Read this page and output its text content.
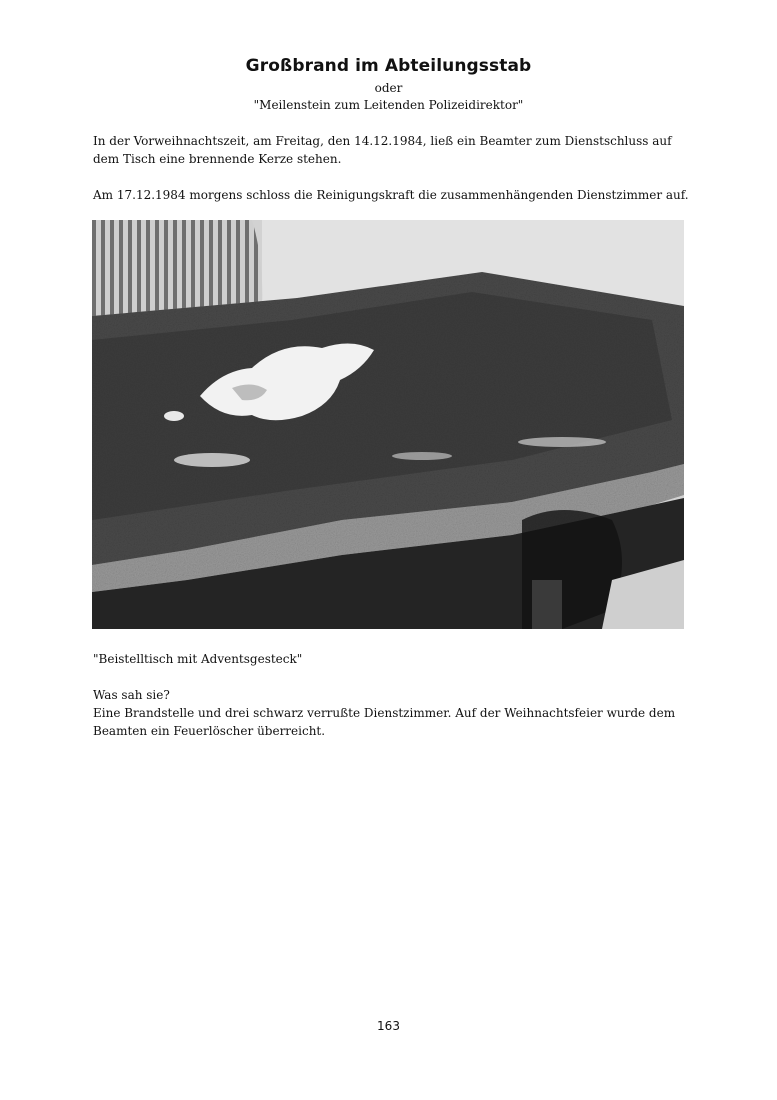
Großbrand im Abteilungsstab
oder
"Meilenstein zum Leitenden Polizeidirektor"
In der Vorweihnachtszeit, am Freitag, den 14.12.1984, ließ ein Beamter zum Dienstschluss auf dem Tisch eine brennende Kerze stehen.
Am 17.12.1984 morgens schloss die Reinigungskraft die zusammenhängenden Dienstzimmer auf.
"Beistelltisch mit Adventsgesteck"
Was sah sie?
Eine Brandstelle und drei schwarz verrußte Dienstzimmer. Auf der Weihnachtsfeier wurde dem Beamten ein Feuerlöscher überreicht.
163
